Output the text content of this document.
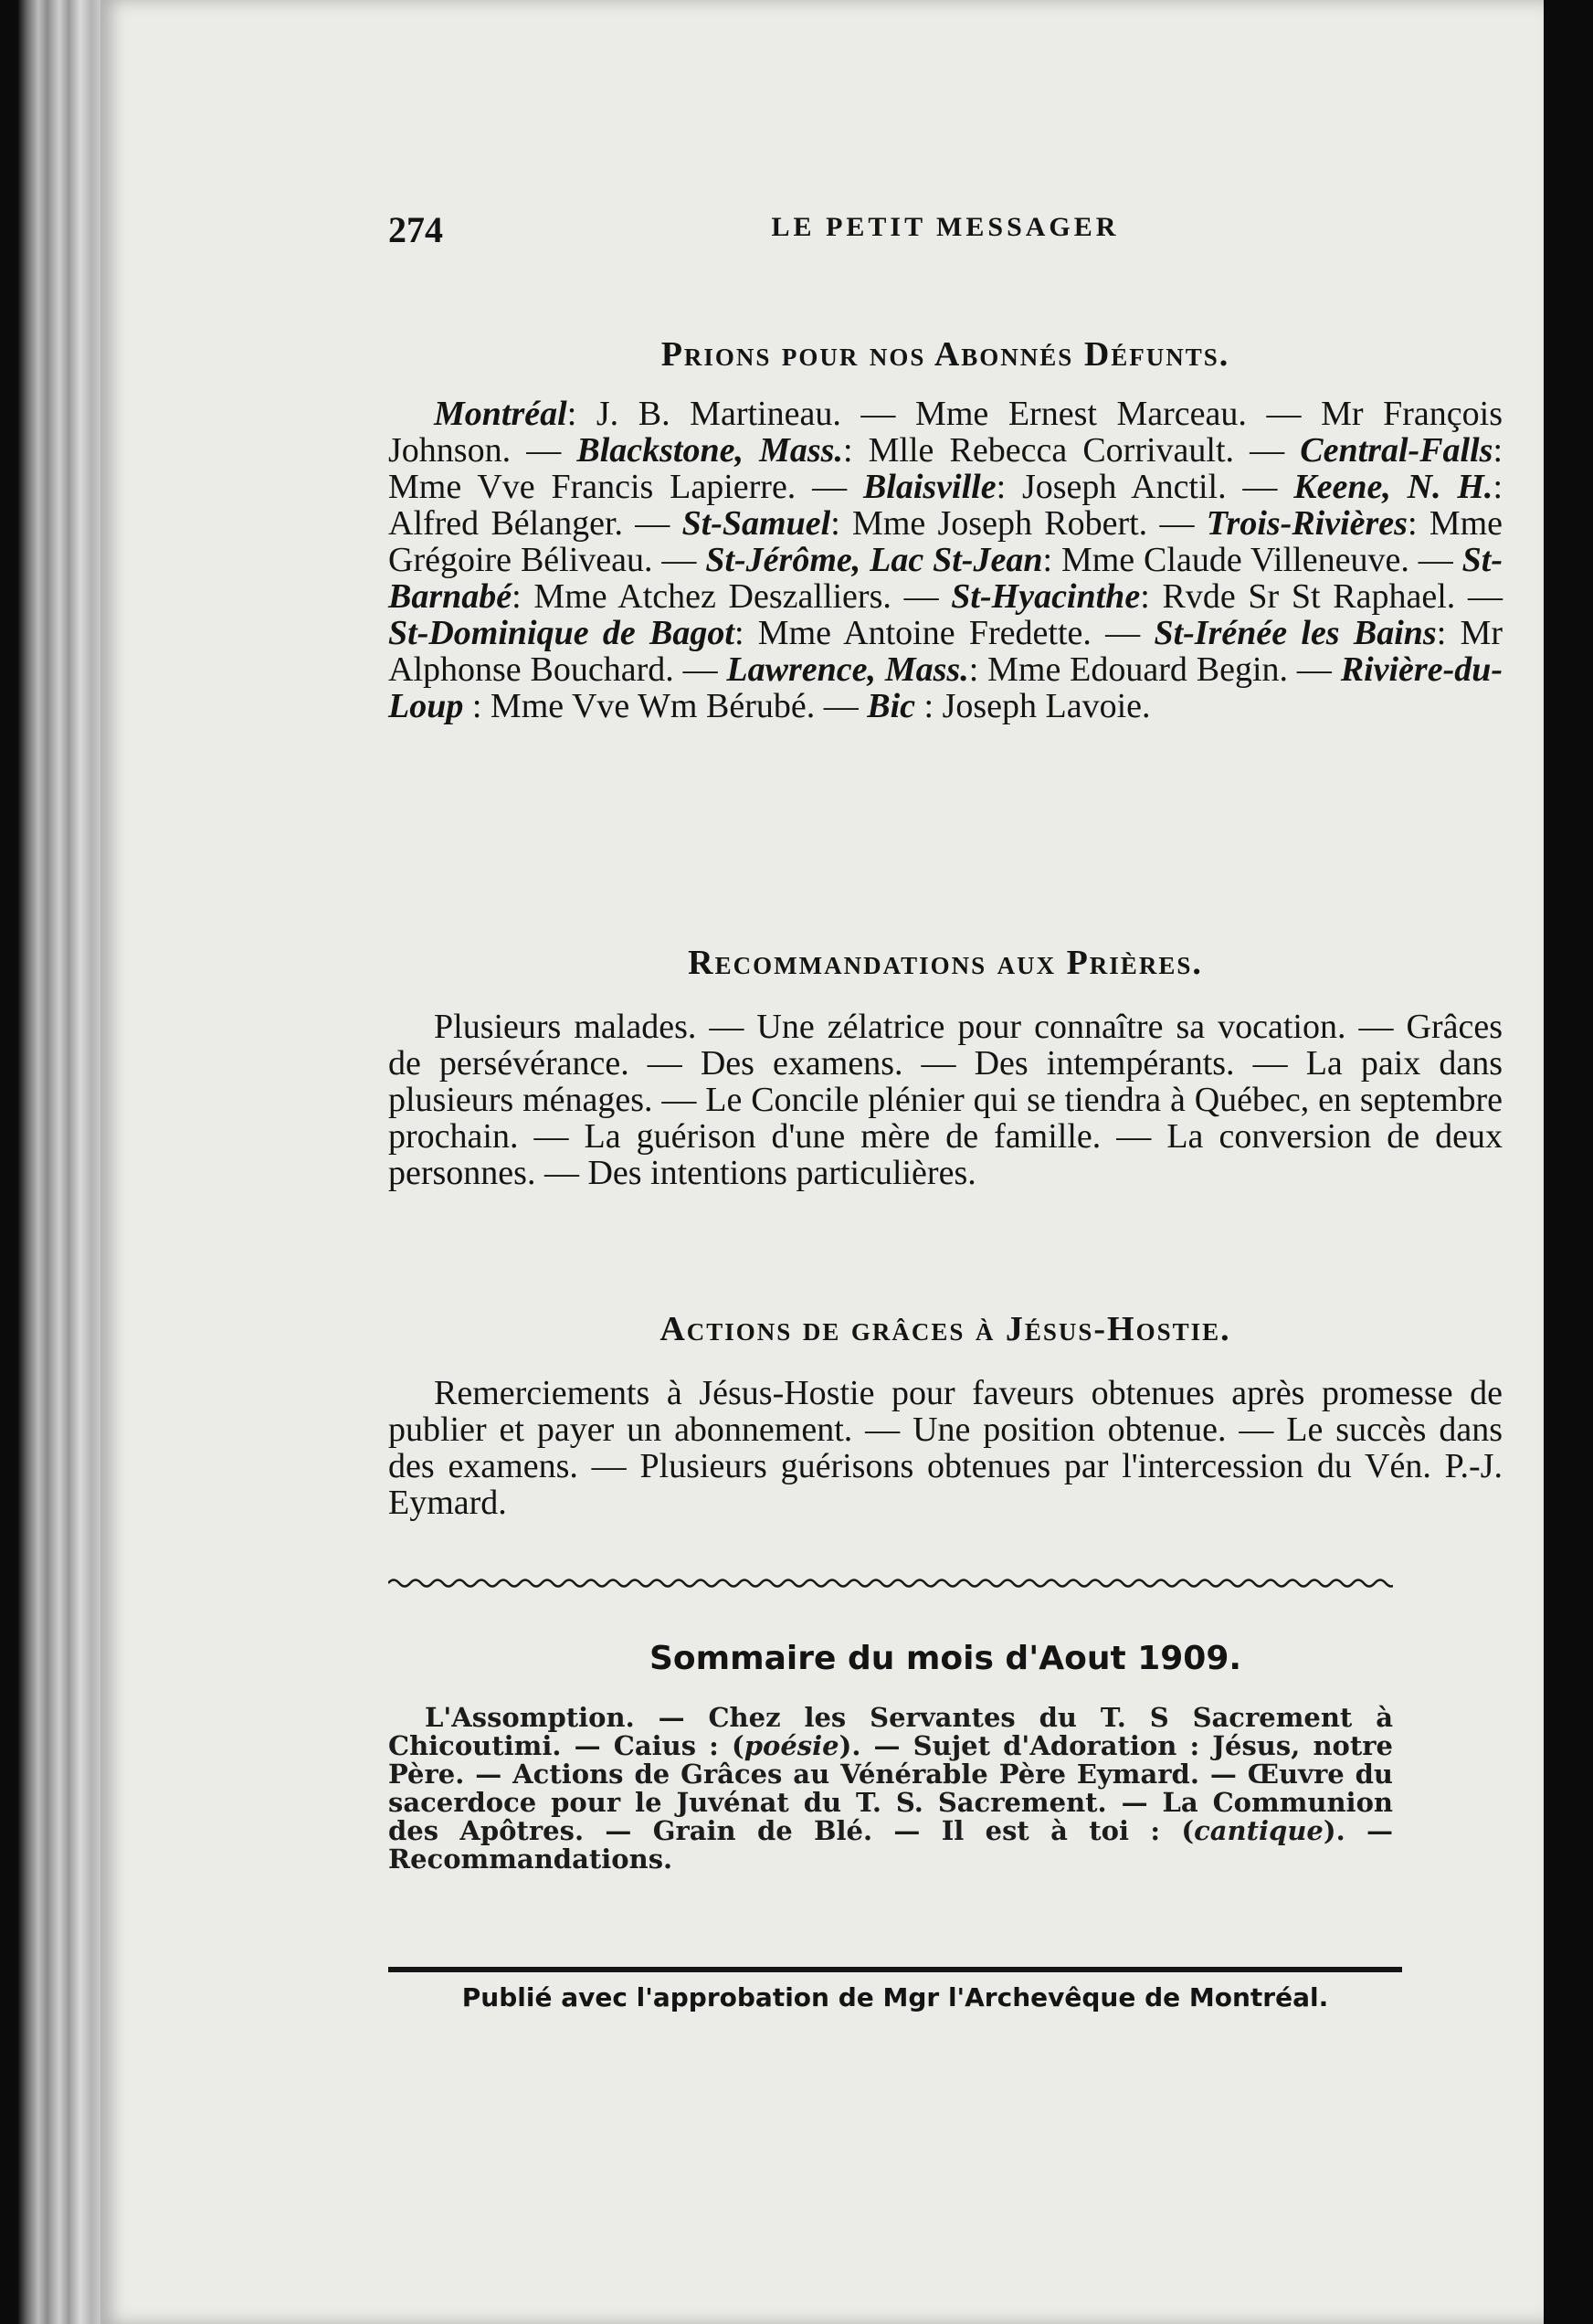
274	LE PETIT MESSAGER
Prions pour nos Abonnés Défunts.

Montréal: J. B. Martineau. — Mme Ernest Marceau. — Mr François Johnson. — Blackstone, Mass.: Mlle Rebecca Corrivault. — Central-Falls: Mme Vve Francis Lapierre. — Blaisville: Joseph Anctil. — Keene, N. H.: Alfred Bélanger. — St-Samuel: Mme Joseph Robert. — Trois-Rivières: Mme Grégoire Béliveau. — St-Jérôme, Lac St-Jean: Mme Claude Villeneuve. — St-Barnabé: Mme Atchez Deszalliers. — St-Hyacinthe: Rvde Sr St Raphael. — St-Dominique de Bagot: Mme Antoine Fredette. — St-Irénée les Bains: Mr Alphonse Bouchard. — Lawrence, Mass.: Mme Edouard Begin. — Rivière-du-Loup : Mme Vve Wm Bérubé. — Bic : Joseph Lavoie.

Recommandations aux Prières.

Plusieurs malades. — Une zélatrice pour connaître sa vocation. — Grâces de persévérance. — Des examens. — Des intempérants. — La paix dans plusieurs ménages. — Le Concile plénier qui se tiendra à Québec, en septembre prochain. — La guérison d'une mère de famille. — La conversion de deux personnes. — Des intentions particulières.

Actions de grâces à Jésus-Hostie.

Remerciements à Jésus-Hostie pour faveurs obtenues après promesse de publier et payer un abonnement. — Une position obtenue. — Le succès dans des examens. — Plusieurs guérisons obtenues par l'intercession du Vén. P.-J. Eymard.

Sommaire du mois d'Aout 1909.

L'Assomption. — Chez les Servantes du T. S Sacrement à Chicoutimi. — Caius : (poésie). — Sujet d'Adoration : Jésus, notre Père. — Actions de Grâces au Vénérable Père Eymard. — Œuvre du sacerdoce pour le Juvénat du T. S. Sacrement. — La Communion des Apôtres. — Grain de Blé. — Il est à toi : (cantique). — Recommandations.

Publié avec l'approbation de Mgr l'Archevêque de Montréal.
